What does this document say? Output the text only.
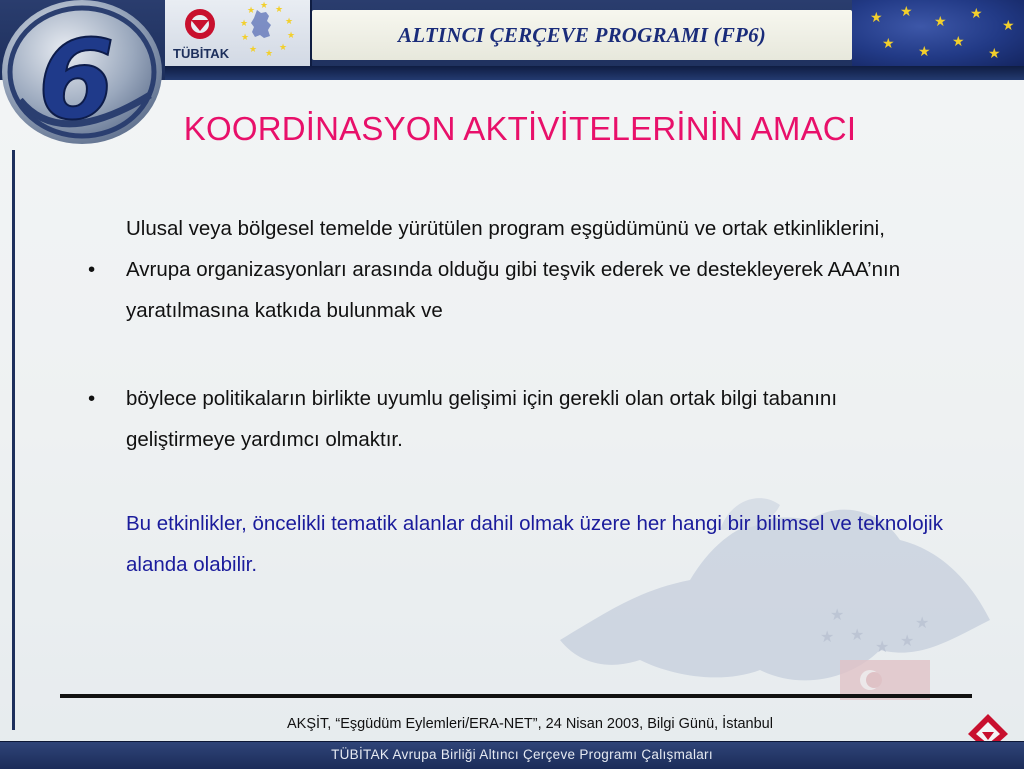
TÜBİTAK
★ ★
★
★
★
★
★
★
★
★
ALTINCI ÇERÇEVE PROGRAMI (FP6)
★ ★
★ ★
★
★ ★
★
★
6
★
★
★ ★
★
★
KOORDİNASYON AKTİVİTELERİNİN AMACI
Ulusal veya bölgesel temelde yürütülen program eşgüdümünü ve ortak etkinliklerini,
• Avrupa organizasyonları arasında olduğu gibi teşvik ederek ve destekleyerek AAA’nın yaratılmasına katkıda bulunmak ve
• böylece politikaların birlikte uyumlu gelişimi için gerekli olan ortak bilgi tabanını geliştirmeye yardımcı olmaktır.
Bu etkinlikler, öncelikli tematik alanlar dahil olmak üzere her hangi bir bilimsel ve teknolojik alanda olabilir.
AKŞİT, “Eşgüdüm Eylemleri/ERA-NET”, 24 Nisan 2003, Bilgi Günü, İstanbul
TÜBİTAK Avrupa Birliği Altıncı Çerçeve Programı Çalışmaları
